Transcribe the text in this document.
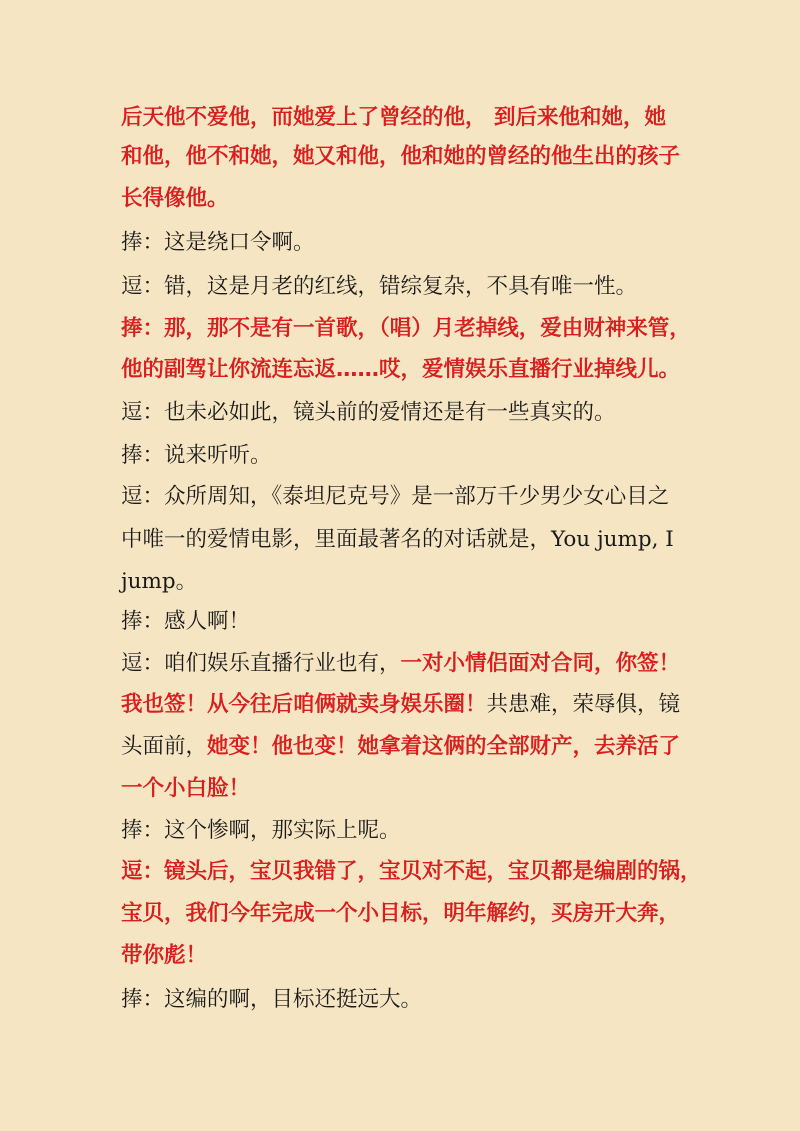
后天他不爱他，而她爱上了曾经的他， 到后来他和她，她
和他，他不和她，她又和他，他和她的曾经的他生出的孩子
长得像他。
捧：这是绕口令啊。
逗：错，这是月老的红线，错综复杂，不具有唯一性。
捧：那，那不是有一首歌，（唱）月老掉线，爱由财神来管，
他的副驾让你流连忘返……哎，爱情娱乐直播行业掉线儿。
逗：也未必如此，镜头前的爱情还是有一些真实的。
捧：说来听听。
逗：众所周知，《泰坦尼克号》是一部万千少男少女心目之
中唯一的爱情电影，里面最著名的对话就是，You jump, I
jump。
捧：感人啊！
逗：咱们娱乐直播行业也有，一对小情侣面对合同，你签！
我也签！从今往后咱俩就卖身娱乐圈！共患难，荣辱俱，镜
头面前，她变！他也变！她拿着这俩的全部财产，去养活了
一个小白脸！
捧：这个惨啊，那实际上呢。
逗：镜头后，宝贝我错了，宝贝对不起，宝贝都是编剧的锅，
宝贝，我们今年完成一个小目标，明年解约，买房开大奔，
带你彪！
捧：这编的啊，目标还挺远大。
